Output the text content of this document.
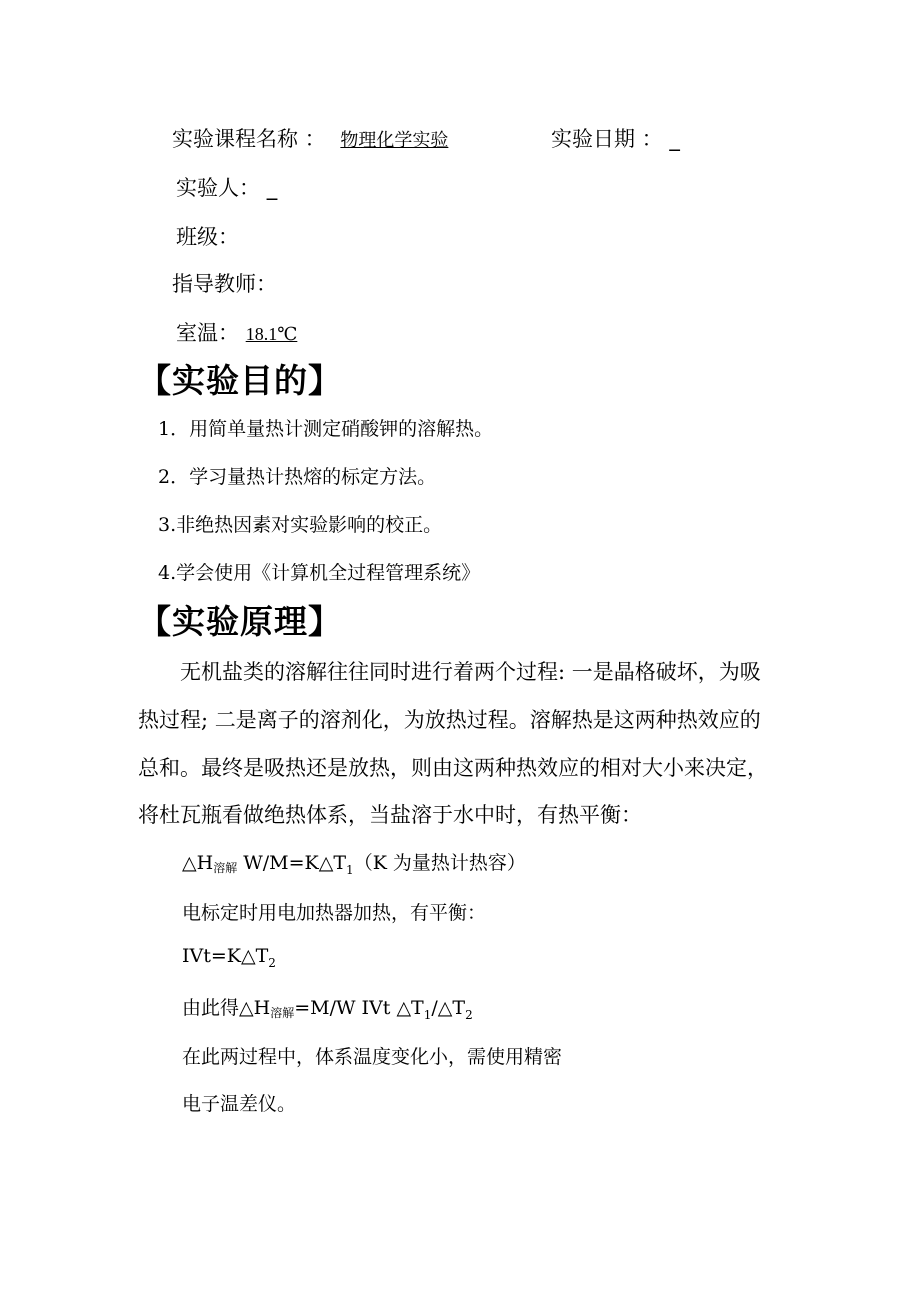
实验课程名称 ： 物理化学实验	实验日期 ： _
实验人： _
班级：
指导教师：
室温： 18.1℃
【实验目的】
1．用简单量热计测定硝酸钾的溶解热。
2．学习量热计热熔的标定方法。
3.非绝热因素对实验影响的校正。
4.学会使用《计算机全过程管理系统》
【实验原理】
无机盐类的溶解往往同时进行着两个过程: 一是晶格破坏，为吸
热过程; 二是离子的溶剂化，为放热过程。溶解热是这两种热效应的
总和。最终是吸热还是放热，则由这两种热效应的相对大小来决定，
将杜瓦瓶看做绝热体系，当盐溶于水中时，有热平衡：
△H溶解 $W/M=K\triangle T_1(K$ 为量热计热容）
电标定时用电加热器加热，有平衡：
$IVt=K\triangle T_2$
由此得△H溶解=M/W IVt $\triangle T_1/\triangle T_2$
在此两过程中，体系温度变化小，需使用精密
电子温差仪。
